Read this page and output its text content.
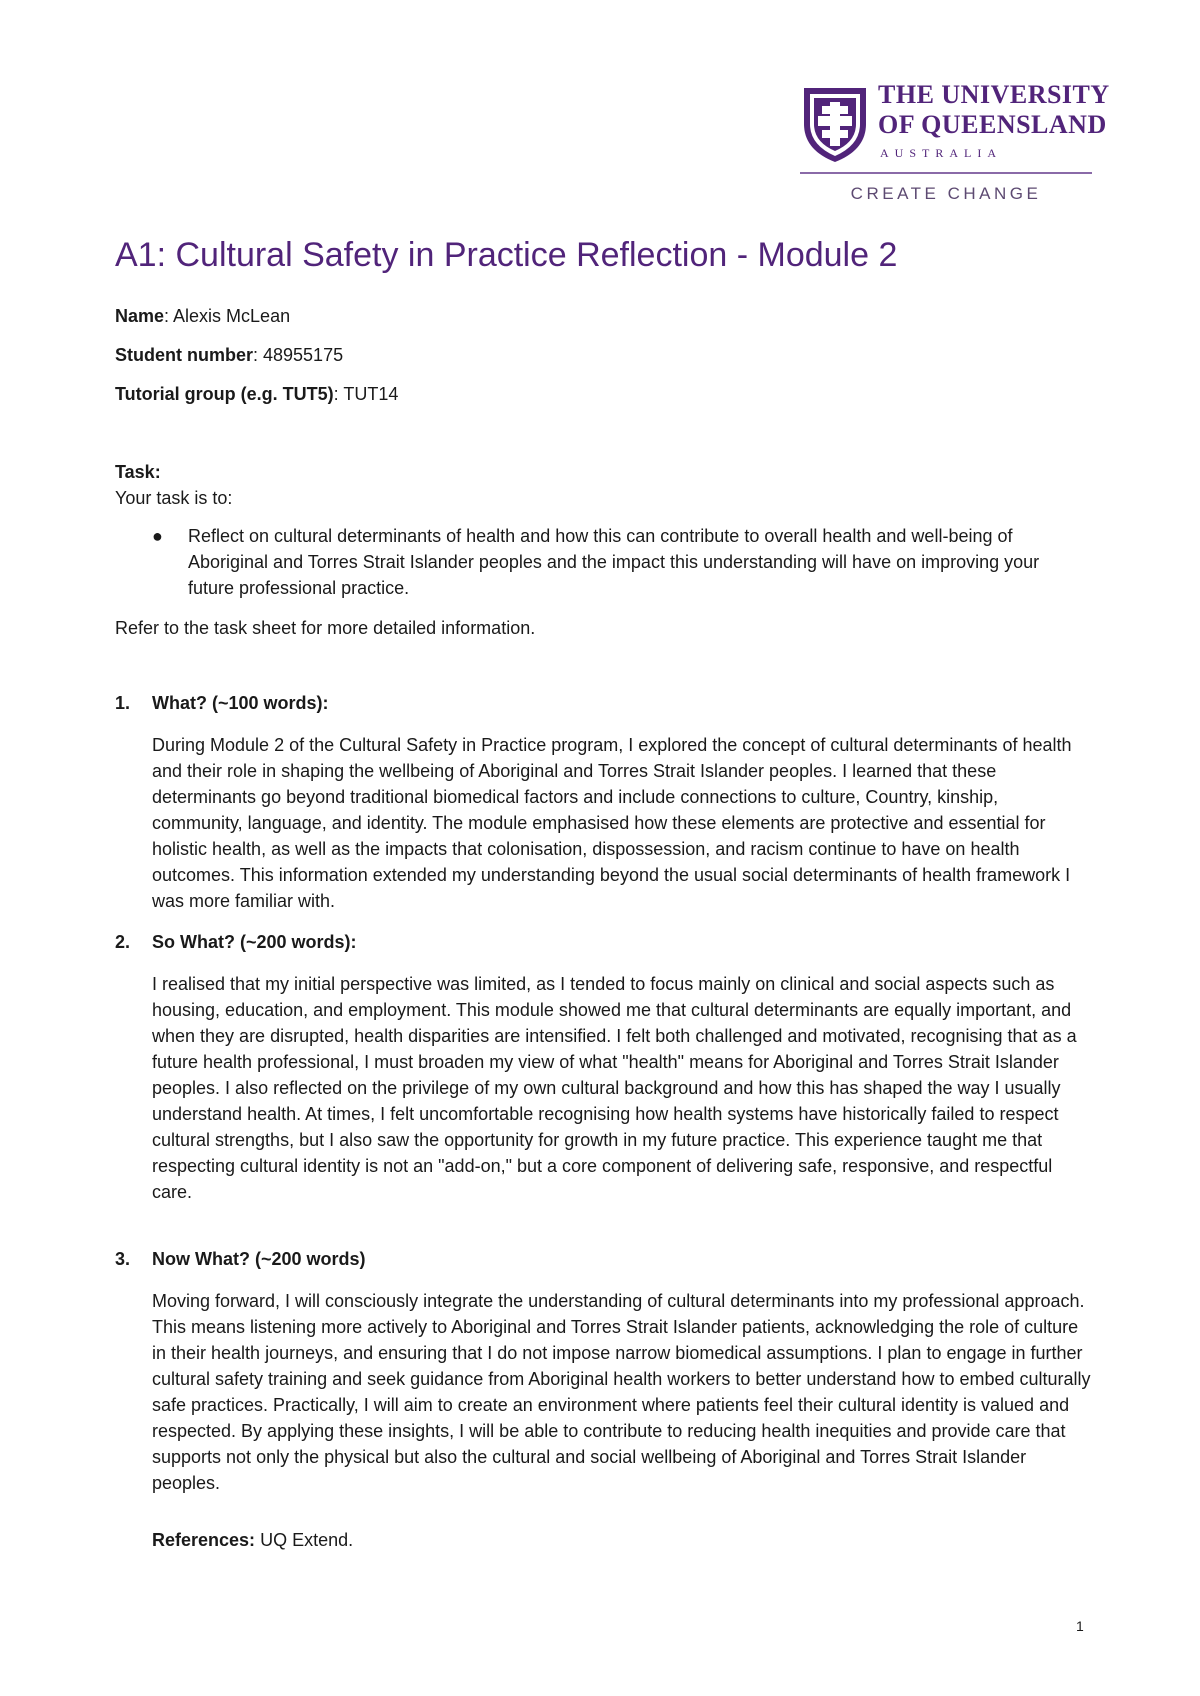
THE UNIVERSITY
OF QUEENSLAND
AUSTRALIA
CREATE CHANGE
A1: Cultural Safety in Practice Reflection - Module 2
Name: Alexis McLean
Student number: 48955175
Tutorial group (e.g. TUT5): TUT14
Task:
Your task is to:
● Reflect on cultural determinants of health and how this can contribute to overall health and well-being of Aboriginal and Torres Strait Islander peoples and the impact this understanding will have on improving your future professional practice.
Refer to the task sheet for more detailed information.
1. What? (~100 words):

During Module 2 of the Cultural Safety in Practice program, I explored the concept of cultural determinants of health and their role in shaping the wellbeing of Aboriginal and Torres Strait Islander peoples. I learned that these determinants go beyond traditional biomedical factors and include connections to culture, Country, kinship, community, language, and identity. The module emphasised how these elements are protective and essential for holistic health, as well as the impacts that colonisation, dispossession, and racism continue to have on health outcomes. This information extended my understanding beyond the usual social determinants of health framework I was more familiar with.

2. So What? (~200 words):

I realised that my initial perspective was limited, as I tended to focus mainly on clinical and social aspects such as housing, education, and employment. This module showed me that cultural determinants are equally important, and when they are disrupted, health disparities are intensified. I felt both challenged and motivated, recognising that as a future health professional, I must broaden my view of what "health" means for Aboriginal and Torres Strait Islander peoples. I also reflected on the privilege of my own cultural background and how this has shaped the way I usually understand health. At times, I felt uncomfortable recognising how health systems have historically failed to respect cultural strengths, but I also saw the opportunity for growth in my future practice. This experience taught me that respecting cultural identity is not an "add-on," but a core component of delivering safe, responsive, and respectful care.

3. Now What? (~200 words)

Moving forward, I will consciously integrate the understanding of cultural determinants into my professional approach. This means listening more actively to Aboriginal and Torres Strait Islander patients, acknowledging the role of culture in their health journeys, and ensuring that I do not impose narrow biomedical assumptions. I plan to engage in further cultural safety training and seek guidance from Aboriginal health workers to better understand how to embed culturally safe practices. Practically, I will aim to create an environment where patients feel their cultural identity is valued and respected. By applying these insights, I will be able to contribute to reducing health inequities and provide care that supports not only the physical but also the cultural and social wellbeing of Aboriginal and Torres Strait Islander peoples.

References: UQ Extend.
1
